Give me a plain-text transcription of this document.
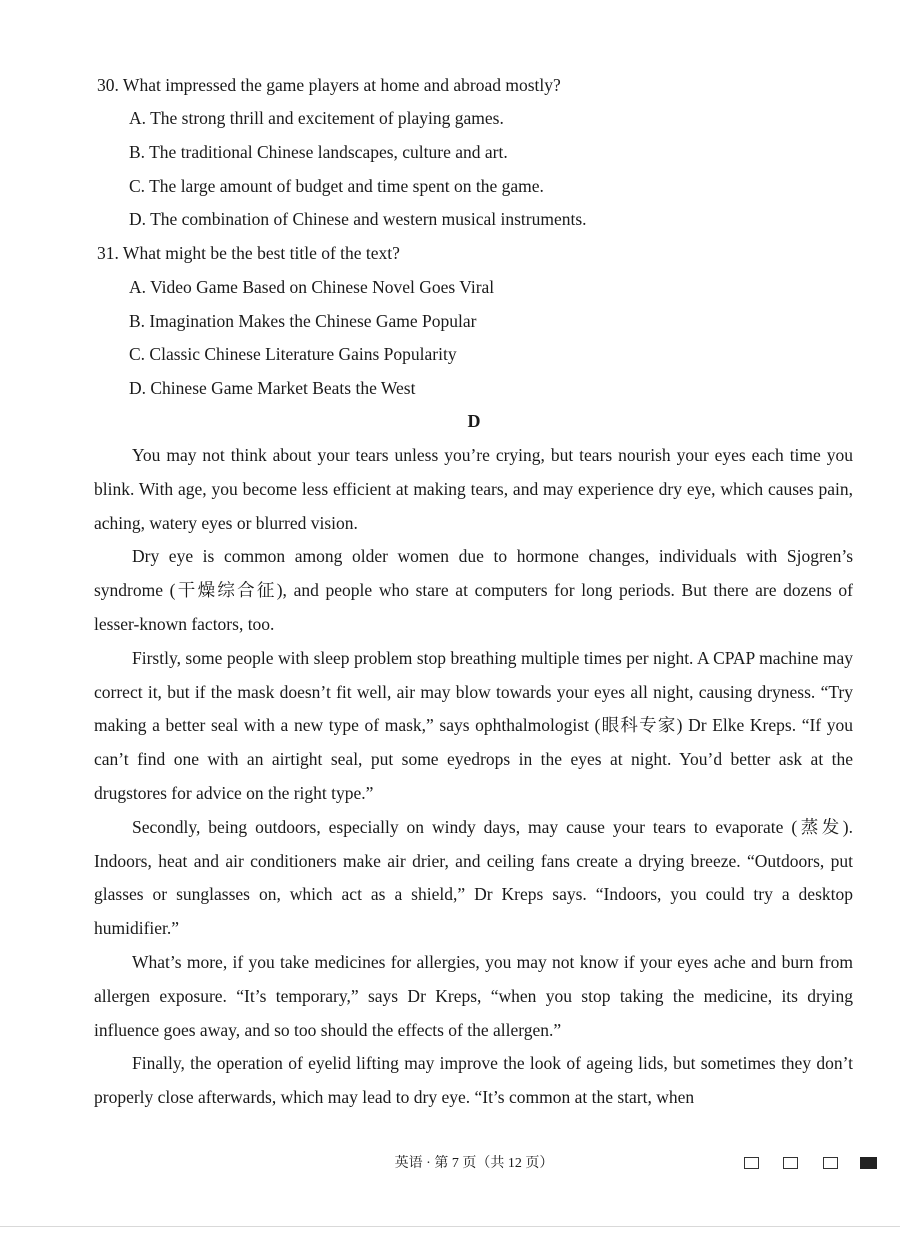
30. What impressed the game players at home and abroad mostly?
A. The strong thrill and excitement of playing games.
B. The traditional Chinese landscapes, culture and art.
C. The large amount of budget and time spent on the game.
D. The combination of Chinese and western musical instruments.
31. What might be the best title of the text?
A. Video Game Based on Chinese Novel Goes Viral
B. Imagination Makes the Chinese Game Popular
C. Classic Chinese Literature Gains Popularity
D. Chinese Game Market Beats the West
D

You may not think about your tears unless you’re crying, but tears nourish your eyes each time you blink. With age, you become less efficient at making tears, and may experience dry eye, which causes pain, aching, watery eyes or blurred vision.

Dry eye is common among older women due to hormone changes, individuals with Sjogren’s syndrome (干燥综合征), and people who stare at computers for long periods. But there are dozens of lesser-known factors, too.

Firstly, some people with sleep problem stop breathing multiple times per night. A CPAP machine may correct it, but if the mask doesn’t fit well, air may blow towards your eyes all night, causing dryness. “Try making a better seal with a new type of mask,” says ophthalmologist (眼科专家) Dr Elke Kreps. “If you can’t find one with an airtight seal, put some eyedrops in the eyes at night. You’d better ask at the drugstores for advice on the right type.”

Secondly, being outdoors, especially on windy days, may cause your tears to evaporate (蒸发). Indoors, heat and air conditioners make air drier, and ceiling fans create a drying breeze. “Outdoors, put glasses or sunglasses on, which act as a shield,” Dr Kreps says. “Indoors, you could try a desktop humidifier.”

What’s more, if you take medicines for allergies, you may not know if your eyes ache and burn from allergen exposure. “It’s temporary,” says Dr Kreps, “when you stop taking the medicine, its drying influence goes away, and so too should the effects of the allergen.”

Finally, the operation of eyelid lifting may improve the look of ageing lids, but sometimes they don’t properly close afterwards, which may lead to dry eye. “It’s common at the start, when

英语 · 第 7 页（共 12 页）
